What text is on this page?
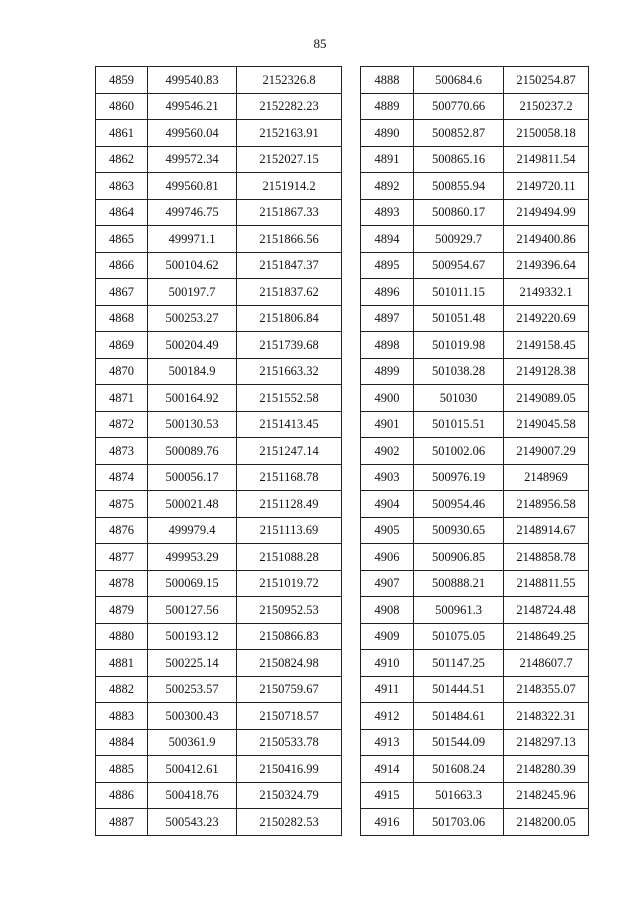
85
4859	499540.83	2152326.8
4860	499546.21	2152282.23
4861	499560.04	2152163.91
4862	499572.34	2152027.15
4863	499560.81	2151914.2
4864	499746.75	2151867.33
4865	499971.1	2151866.56
4866	500104.62	2151847.37
4867	500197.7	2151837.62
4868	500253.27	2151806.84
4869	500204.49	2151739.68
4870	500184.9	2151663.32
4871	500164.92	2151552.58
4872	500130.53	2151413.45
4873	500089.76	2151247.14
4874	500056.17	2151168.78
4875	500021.48	2151128.49
4876	499979.4	2151113.69
4877	499953.29	2151088.28
4878	500069.15	2151019.72
4879	500127.56	2150952.53
4880	500193.12	2150866.83
4881	500225.14	2150824.98
4882	500253.57	2150759.67
4883	500300.43	2150718.57
4884	500361.9	2150533.78
4885	500412.61	2150416.99
4886	500418.76	2150324.79
4887	500543.23	2150282.53
4888	500684.6	2150254.87
4889	500770.66	2150237.2
4890	500852.87	2150058.18
4891	500865.16	2149811.54
4892	500855.94	2149720.11
4893	500860.17	2149494.99
4894	500929.7	2149400.86
4895	500954.67	2149396.64
4896	501011.15	2149332.1
4897	501051.48	2149220.69
4898	501019.98	2149158.45
4899	501038.28	2149128.38
4900	501030	2149089.05
4901	501015.51	2149045.58
4902	501002.06	2149007.29
4903	500976.19	2148969
4904	500954.46	2148956.58
4905	500930.65	2148914.67
4906	500906.85	2148858.78
4907	500888.21	2148811.55
4908	500961.3	2148724.48
4909	501075.05	2148649.25
4910	501147.25	2148607.7
4911	501444.51	2148355.07
4912	501484.61	2148322.31
4913	501544.09	2148297.13
4914	501608.24	2148280.39
4915	501663.3	2148245.96
4916	501703.06	2148200.05
